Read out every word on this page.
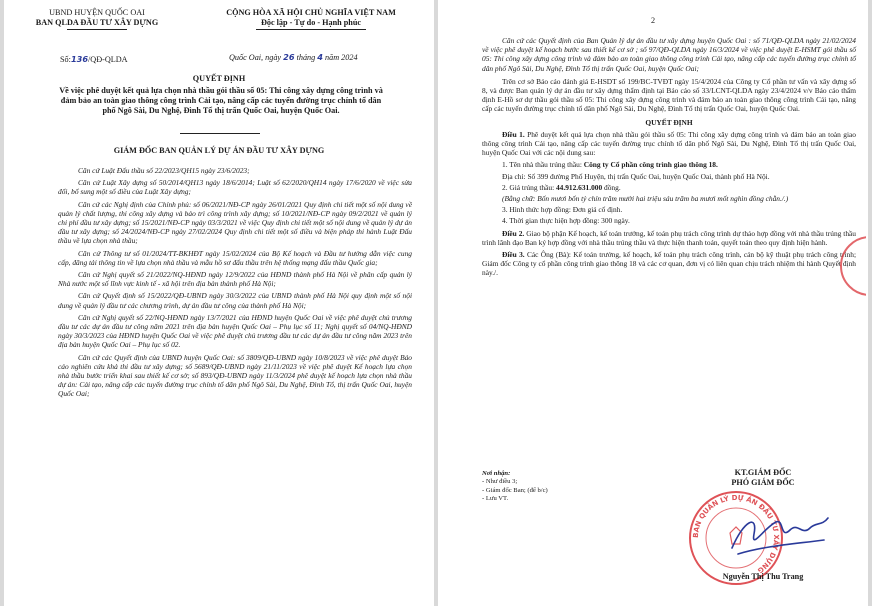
UBND HUYỆN QUỐC OAI
BAN QLDA ĐẦU TƯ XÂY DỰNG
CỘNG HÒA XÃ HỘI CHỦ NGHĨA VIỆT NAM
Độc lập - Tự do - Hạnh phúc
Số:136/QĐ-QLDA	Quốc Oai, ngày 26 tháng 4 năm 2024
QUYẾT ĐỊNH
Về việc phê duyệt kết quả lựa chọn nhà thầu gói thầu số 05: Thi công xây dựng công trình và đảm bảo an toàn giao thông công trình Cải tạo, nâng cấp các tuyến đường trục chính tổ dân phố Ngô Sài, Du Nghệ, Đình Tổ thị trấn Quốc Oai, huyện Quốc Oai.
GIÁM ĐỐC BAN QUẢN LÝ DỰ ÁN ĐẦU TƯ XÂY DỰNG

Căn cứ Luật Đấu thầu số 22/2023/QH15 ngày 23/6/2023;

Căn cứ Luật Xây dựng số 50/2014/QH13 ngày 18/6/2014; Luật số 62/2020/QH14 ngày 17/6/2020 về việc sửa đổi, bổ sung một số điều của Luật Xây dựng;

Căn cứ các Nghị định của Chính phủ: số 06/2021/NĐ-CP ngày 26/01/2021 Quy định chi tiết một số nội dung về quản lý chất lượng, thi công xây dựng và bảo trì công trình xây dựng; số 10/2021/NĐ-CP ngày 09/2/2021 về quản lý chi phí đầu tư xây dựng; số 15/2021/NĐ-CP ngày 03/3/2021 về việc Quy định chi tiết một số nội dung về quản lý dự án đầu tư xây dựng; số 24/2024/NĐ-CP ngày 27/02/2024 Quy định chi tiết một số điều và biện pháp thi hành Luật Đấu thầu về lựa chọn nhà thầu;

Căn cứ Thông tư số 01/2024/TT-BKHĐT ngày 15/02/2024 của Bộ Kế hoạch và Đầu tư hướng dẫn việc cung cấp, đăng tải thông tin về lựa chọn nhà thầu và mẫu hồ sơ đấu thầu trên hệ thống mạng đấu thầu Quốc gia;

Căn cứ Nghị quyết số 21/2022/NQ-HĐND ngày 12/9/2022 của HĐND thành phố Hà Nội về phân cấp quản lý Nhà nước một số lĩnh vực kinh tế - xã hội trên địa bàn thành phố Hà Nội;

Căn cứ Quyết định số 15/2022/QĐ-UBND ngày 30/3/2022 của UBND thành phố Hà Nội quy định một số nội dung về quản lý đầu tư các chương trình, dự án đầu tư công của thành phố Hà Nội;

Căn cứ Nghị quyết số 22/NQ-HĐND ngày 13/7/2021 của HĐND huyện Quốc Oai về việc phê duyệt chủ trương đầu tư các dự án đầu tư công năm 2021 trên địa bàn huyện Quốc Oai – Phụ lục số 11; Nghị quyết số 04/NQ-HĐND ngày 30/3/2023 của HĐND huyện Quốc Oai về việc phê duyệt chủ trương đầu tư các dự án đầu tư công năm 2023 trên địa bàn huyện Quốc Oai – Phụ lục số 02.

Căn cứ các Quyết định của UBND huyện Quốc Oai: số 3809/QĐ-UBND ngày 10/8/2023 về việc phê duyệt Báo cáo nghiên cứu khả thi đầu tư xây dựng; số 5689/QĐ-UBND ngày 21/11/2023 về việc phê duyệt Kế hoạch lựa chọn nhà thầu bước triển khai sau thiết kế cơ sở; số 893/QĐ-UBND ngày 11/3/2024 phê duyệt kế hoạch lựa chọn nhà thầu dự án: Cải tạo, nâng cấp các tuyến đường trục chính tổ dân phố Ngô Sài, Du Nghệ, Đình Tổ, thị trấn Quốc Oai, huyện Quốc Oai;

2

Căn cứ các Quyết định của Ban Quản lý dự án đầu tư xây dựng huyện Quốc Oai : số 71/QĐ-QLDA ngày 21/02/2024 về việc phê duyệt kế hoạch bước sau thiết kế cơ sở ; số 97/QĐ-QLDA ngày 16/3/2024 về việc phê duyệt E-HSMT gói thầu số 05: Thi công xây dựng công trình và đảm bảo an toàn giao thông công trình Cải tạo, nâng cấp các tuyến đường trục chính tổ dân phố Ngô Sài, Du Nghệ, Đình Tổ thị trấn Quốc Oai, huyện Quốc Oai;

Trên cơ sở Báo cáo đánh giá E-HSDT số 199/BC-TVĐT ngày 15/4/2024 của Công ty Cổ phần tư vấn và xây dựng số 8, và được Ban quản lý dự án đầu tư xây dựng thẩm định tại Báo cáo số 33/LCNT-QLDA ngày 23/4/2024 v/v Báo cáo thẩm định E-Hồ sơ dự thầu gói thầu số 05: Thi công xây dựng công trình và đảm bảo an toàn giao thông công trình Cải tạo, nâng cấp các tuyến đường trục chính tổ dân phố Ngô Sài, Du Nghệ, Đình Tổ thị trấn Quốc Oai, huyện Quốc Oai.

QUYẾT ĐỊNH

Điều 1. Phê duyệt kết quả lựa chọn nhà thầu gói thầu số 05: Thi công xây dựng công trình và đảm bảo an toàn giao thông công trình Cải tạo, nâng cấp các tuyến đường trục chính tổ dân phố Ngô Sài, Du Nghệ, Đình Tổ thị trấn Quốc Oai, huyện Quốc Oai với các nội dung sau:

1. Tên nhà thầu trúng thầu: Công ty Cổ phần công trình giao thông 18.

Địa chỉ: Số 399 đường Phố Huyện, thị trấn Quốc Oai, huyện Quốc Oai, thành phố Hà Nội.

2. Giá trúng thầu: 44.912.631.000 đồng.

(Bằng chữ: Bốn mươi bốn tỷ chín trăm mười hai triệu sáu trăm ba mươi mốt nghìn đồng chẵn./.)

3. Hình thức hợp đồng: Đơn giá cố định.

4. Thời gian thực hiện hợp đồng: 300 ngày.

Điều 2. Giao bộ phận Kế hoạch, kế toán trưởng, kế toán phụ trách công trình dự thảo hợp đồng với nhà thầu trúng thầu trình lãnh đạo Ban ký hợp đồng với nhà thầu trúng thầu và thực hiện thanh toán, quyết toán theo quy định hiện hành.

Điều 3. Các Ông (Bà): Kế toán trưởng, kế hoạch, kế toán phụ trách công trình, cán bộ kỹ thuật phụ trách công trình; Giám đốc Công ty cổ phần công trình giao thông 18 và các cơ quan, đơn vị có liên quan chịu trách nhiệm thi hành Quyết định này./.

Nơi nhận:
- Như điều 3;
- Giám đốc Ban; (để b/c)
- Lưu VT.
KT.GIÁM ĐỐC
PHÓ GIÁM ĐỐC
BAN QUẢN LÝ DỰ ÁN ĐẦU TƯ XÂY DỰNG
Nguyễn Thị Thu Trang
